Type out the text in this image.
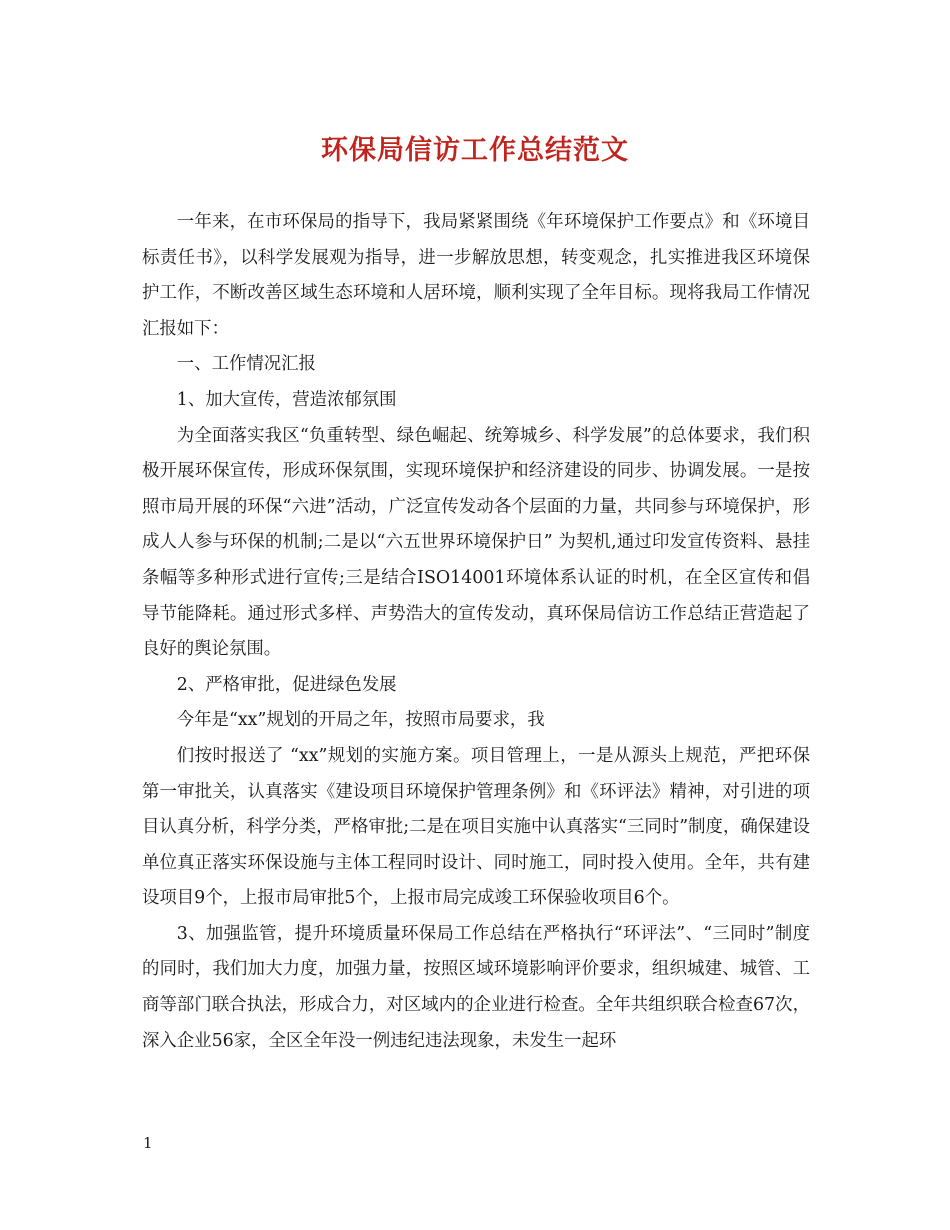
环保局信访工作总结范文

一年来，在市环保局的指导下，我局紧紧围绕《年环境保护工作要点》和《环境目标责任书》，以科学发展观为指导，进一步解放思想，转变观念，扎实推进我区环境保护工作，不断改善区域生态环境和人居环境，顺利实现了全年目标。现将我局工作情况汇报如下：

一、工作情况汇报

1、加大宣传，营造浓郁氛围

为全面落实我区“负重转型、绿色崛起、统筹城乡、科学发展”的总体要求，我们积极开展环保宣传，形成环保氛围，实现环境保护和经济建设的同步、协调发展。一是按照市局开展的环保“六进”活动，广泛宣传发动各个层面的力量，共同参与环境保护，形成人人参与环保的机制;二是以“六五世界环境保护日” 为契机,通过印发宣传资料、悬挂条幅等多种形式进行宣传;三是结合ISO14001环境体系认证的时机，在全区宣传和倡导节能降耗。通过形式多样、声势浩大的宣传发动，真环保局信访工作总结正营造起了良好的舆论氛围。

2、严格审批，促进绿色发展

今年是“xx”规划的开局之年，按照市局要求，我

们按时报送了 “xx”规划的实施方案。项目管理上，一是从源头上规范，严把环保第一审批关，认真落实《建设项目环境保护管理条例》和《环评法》精神，对引进的项目认真分析，科学分类，严格审批;二是在项目实施中认真落实“三同时”制度，确保建设单位真正落实环保设施与主体工程同时设计、同时施工，同时投入使用。全年，共有建设项目9个，上报市局审批5个，上报市局完成竣工环保验收项目6个。

3、加强监管，提升环境质量环保局工作总结在严格执行“环评法”、“三同时”制度的同时，我们加大力度，加强力量，按照区域环境影响评价要求，组织城建、城管、工商等部门联合执法，形成合力，对区域内的企业进行检查。全年共组织联合检查67次，深入企业56家，全区全年没一例违纪违法现象，未发生一起环

1
